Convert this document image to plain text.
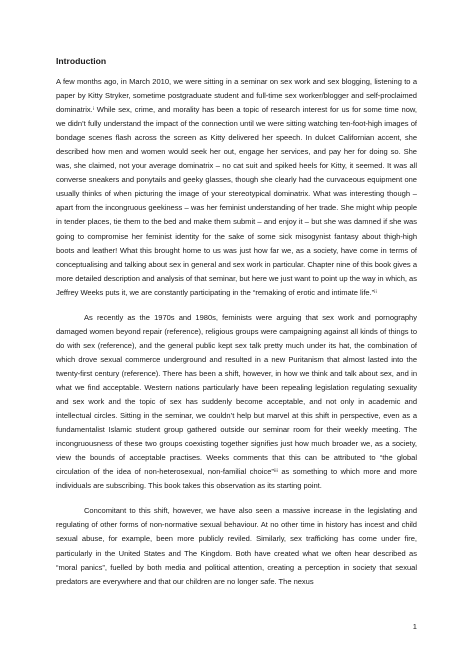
Introduction

A few months ago, in March 2010, we were sitting in a seminar on sex work and sex blogging, listening to a paper by Kitty Stryker, sometime postgraduate student and full-time sex worker/blogger and self-proclaimed dominatrix.ⁱ While sex, crime, and morality has been a topic of research interest for us for some time now, we didn’t fully understand the impact of the connection until we were sitting watching ten-foot-high images of bondage scenes flash across the screen as Kitty delivered her speech. In dulcet Californian accent, she described how men and women would seek her out, engage her services, and pay her for doing so. She was, she claimed, not your average dominatrix – no cat suit and spiked heels for Kitty, it seemed. It was all converse sneakers and ponytails and geeky glasses, though she clearly had the curvaceous equipment one usually thinks of when picturing the image of your stereotypical dominatrix. What was interesting though – apart from the incongruous geekiness – was her feminist understanding of her trade. She might whip people in tender places, tie them to the bed and make them submit – and enjoy it – but she was damned if she was going to compromise her feminist identity for the sake of some sick misogynist fantasy about thigh-high boots and leather! What this brought home to us was just how far we, as a society, have come in terms of conceptualising and talking about sex in general and sex work in particular. Chapter nine of this book gives a more detailed description and analysis of that seminar, but here we just want to point up the way in which, as Jeffrey Weeks puts it, we are constantly participating in the “remaking of erotic and intimate life.”ⁱⁱ

As recently as the 1970s and 1980s, feminists were arguing that sex work and pornography damaged women beyond repair (reference), religious groups were campaigning against all kinds of things to do with sex (reference), and the general public kept sex talk pretty much under its hat, the combination of which drove sexual commerce underground and resulted in a new Puritanism that almost lasted into the twenty-first century (reference). There has been a shift, however, in how we think and talk about sex, and in what we find acceptable. Western nations particularly have been repealing legislation regulating sexuality and sex work and the topic of sex has suddenly become acceptable, and not only in academic and intellectual circles. Sitting in the seminar, we couldn’t help but marvel at this shift in perspective, even as a fundamentalist Islamic student group gathered outside our seminar room for their weekly meeting. The incongruousness of these two groups coexisting together signifies just how much broader we, as a society, view the bounds of acceptable practises. Weeks comments that this can be attributed to “the global circulation of the idea of non-heterosexual, non-familial choice”ⁱⁱⁱ as something to which more and more individuals are subscribing. This book takes this observation as its starting point.

Concomitant to this shift, however, we have also seen a massive increase in the legislating and regulating of other forms of non-normative sexual behaviour. At no other time in history has incest and child sexual abuse, for example, been more publicly reviled. Similarly, sex trafficking has come under fire, particularly in the United States and The Kingdom. Both have created what we often hear described as “moral panics”, fuelled by both media and political attention, creating a perception in society that sexual predators are everywhere and that our children are no longer safe. The nexus

1
